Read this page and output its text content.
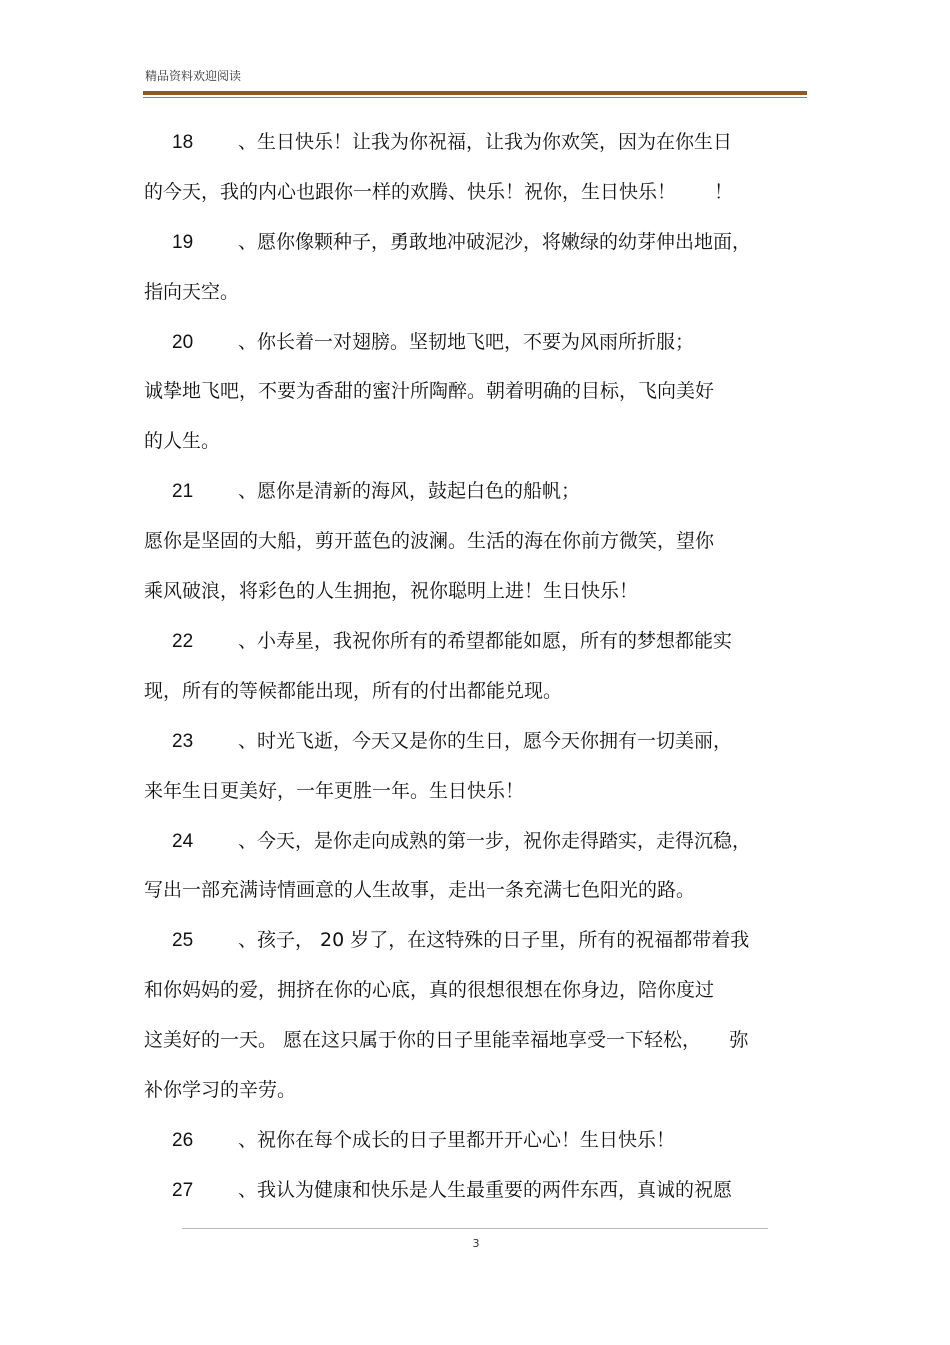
精品资料欢迎阅读
18 、生日快乐！让我为你祝福，让我为你欢笑，因为在你生日
的今天，我的内心也跟你一样的欢腾、快乐！祝你，生日快乐！　　！
19 、愿你像颗种子，勇敢地冲破泥沙，将嫩绿的幼芽伸出地面，
指向天空。
20 、你长着一对翅膀。坚韧地飞吧，不要为风雨所折服；
诚挚地飞吧，不要为香甜的蜜汁所陶醉。朝着明确的目标，飞向美好
的人生。
21 、愿你是清新的海风，鼓起白色的船帆；
愿你是坚固的大船，剪开蓝色的波澜。生活的海在你前方微笑，望你
乘风破浪，将彩色的人生拥抱，祝你聪明上进！生日快乐！
22 、小寿星，我祝你所有的希望都能如愿，所有的梦想都能实
现，所有的等候都能出现，所有的付出都能兑现。
23 、时光飞逝，今天又是你的生日，愿今天你拥有一切美丽，
来年生日更美好，一年更胜一年。生日快乐！
24 、今天，是你走向成熟的第一步，祝你走得踏实，走得沉稳，
写出一部充满诗情画意的人生故事，走出一条充满七色阳光的路。
25 、孩子， 20 岁了，在这特殊的日子里，所有的祝福都带着我
和你妈妈的爱，拥挤在你的心底，真的很想很想在你身边，陪你度过
这美好的一天。 愿在这只属于你的日子里能幸福地享受一下轻松，　　弥
补你学习的辛劳。
26 、祝你在每个成长的日子里都开开心心！生日快乐！
27 、我认为健康和快乐是人生最重要的两件东西，真诚的祝愿
3
